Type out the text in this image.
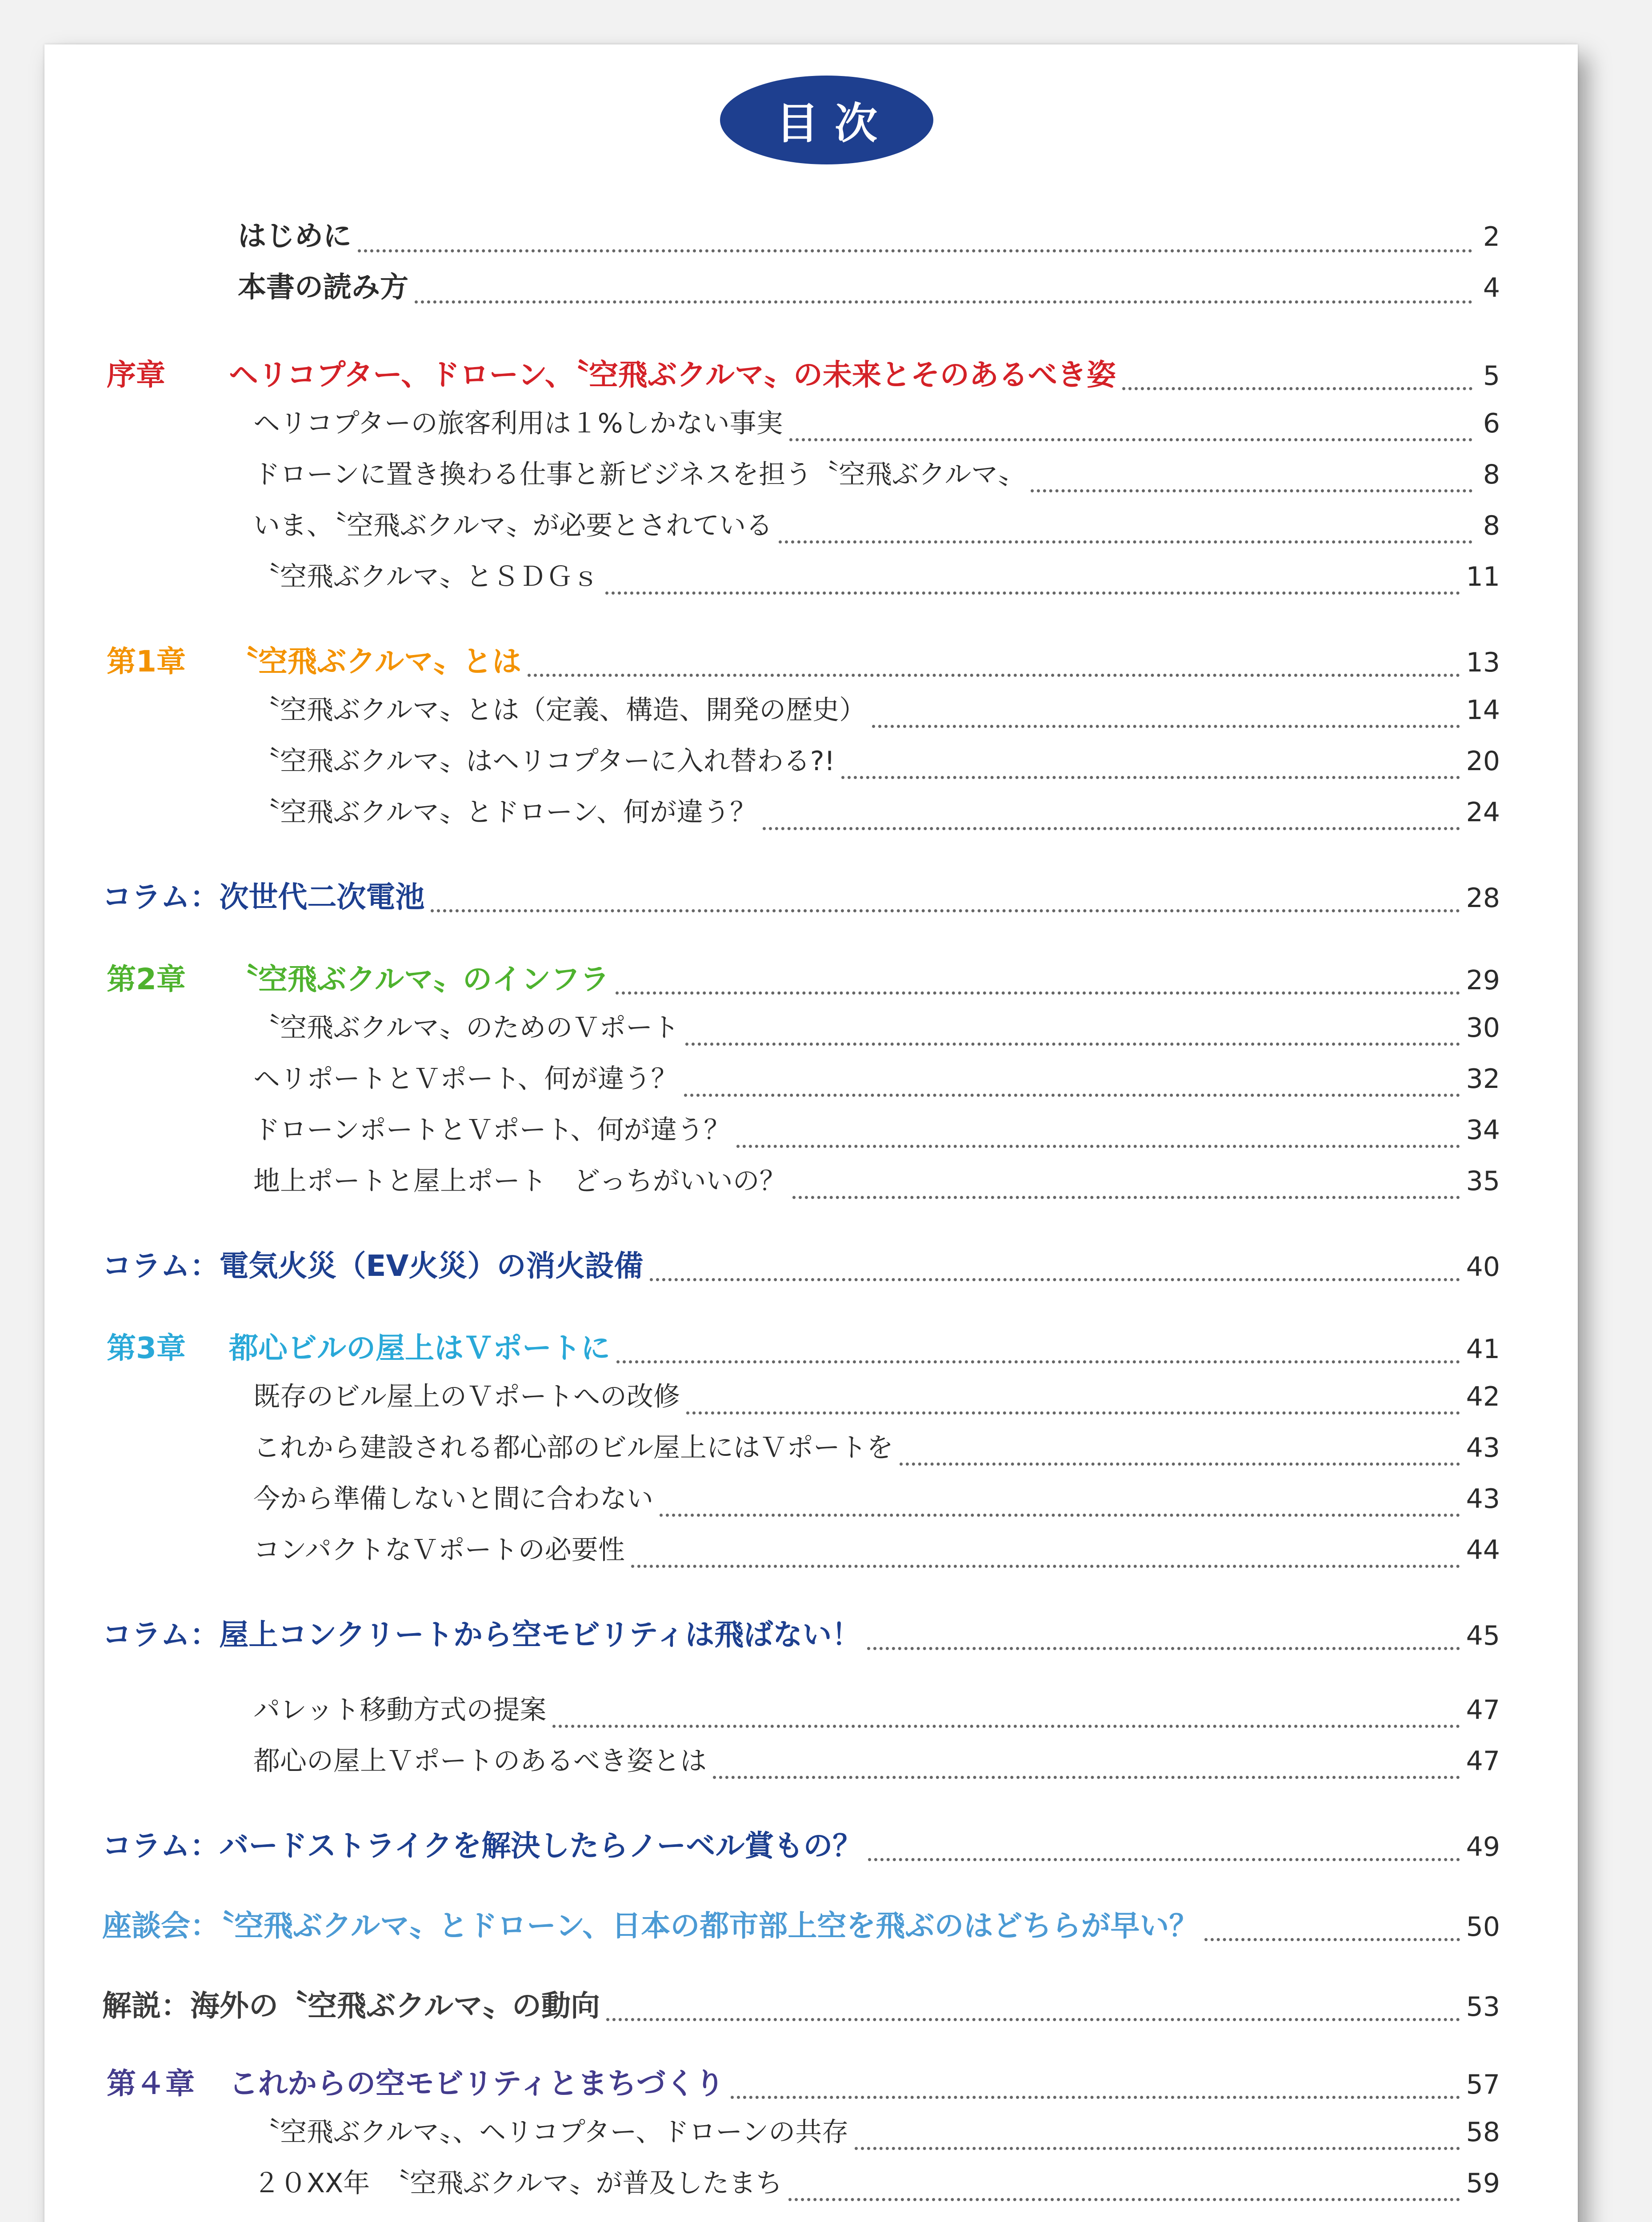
目次
はじめに	2
本書の読み方	4
序章	ヘリコプター、ドローン、〝空飛ぶクルマ〟の未来とそのあるべき姿	5
ヘリコプターの旅客利用は１%しかない事実	6
ドローンに置き換わる仕事と新ビジネスを担う〝空飛ぶクルマ〟	8
いま、〝空飛ぶクルマ〟が必要とされている	8
〝空飛ぶクルマ〟とＳＤＧｓ	11
第1章	〝空飛ぶクルマ〟とは	13
〝空飛ぶクルマ〟とは（定義、構造、開発の歴史）	14
〝空飛ぶクルマ〟はヘリコプターに入れ替わる?!	20
〝空飛ぶクルマ〟とドローン、何が違う？	24
コラム：次世代二次電池	28
第2章	〝空飛ぶクルマ〟のインフラ	29
〝空飛ぶクルマ〟のためのＶポート	30
ヘリポートとＶポート、何が違う？	32
ドローンポートとＶポート、何が違う？	34
地上ポートと屋上ポート　どっちがいいの？	35
コラム：電気火災（EV火災）の消火設備	40
第3章	都心ビルの屋上はＶポートに	41
既存のビル屋上のＶポートへの改修	42
これから建設される都心部のビル屋上にはＶポートを	43
今から準備しないと間に合わない	43
コンパクトなＶポートの必要性	44
コラム：屋上コンクリートから空モビリティは飛ばない！	45
パレット移動方式の提案	47
都心の屋上Ｖポートのあるべき姿とは	47
コラム：バードストライクを解決したらノーベル賞もの？	49
座談会：〝空飛ぶクルマ〟とドローン、日本の都市部上空を飛ぶのはどちらが早い？	50
解説：海外の〝空飛ぶクルマ〟の動向	53
第４章	これからの空モビリティとまちづくり	57
〝空飛ぶクルマ〟、ヘリコプター、ドローンの共存	58
２０XX年　〝空飛ぶクルマ〟が普及したまち	59
